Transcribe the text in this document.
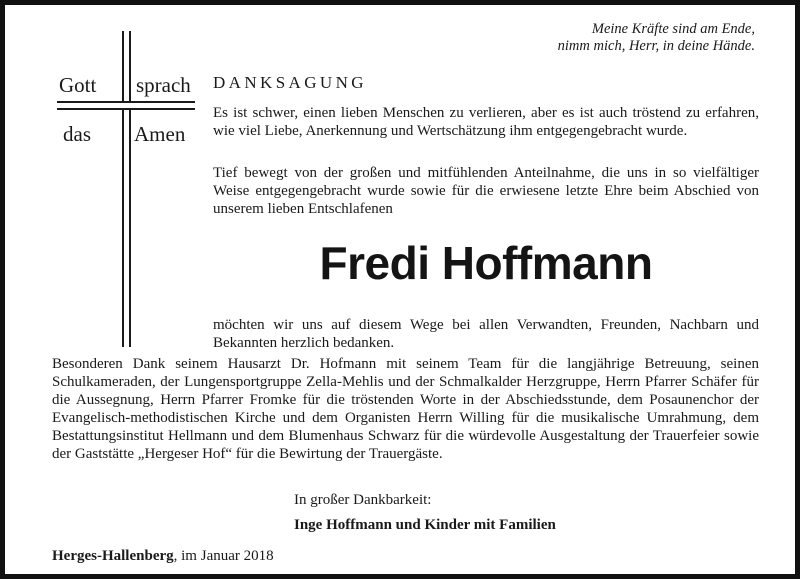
Meine Kräfte sind am Ende,
nimm mich, Herr, in deine Hände.
Gott sprach
das Amen
DANKSAGUNG
Es ist schwer, einen lieben Menschen zu verlieren, aber es ist auch tröstend zu erfahren, wie viel Liebe, Anerkennung und Wertschätzung ihm entgegengebracht wurde.
Tief bewegt von der großen und mitfühlenden Anteilnahme, die uns in so vielfältiger Weise entgegengebracht wurde sowie für die erwiesene letzte Ehre beim Abschied von unserem lieben Entschlafenen
Fredi Hoffmann
möchten wir uns auf diesem Wege bei allen Verwandten, Freunden, Nachbarn und Bekannten herzlich bedanken.
Besonderen Dank seinem Hausarzt Dr. Hofmann mit seinem Team für die langjährige Betreuung, seinen Schulkameraden, der Lungensportgruppe Zella-Mehlis und der Schmalkalder Herzgruppe, Herrn Pfarrer Schäfer für die Aussegnung, Herrn Pfarrer Fromke für die tröstenden Worte in der Abschiedsstunde, dem Posaunenchor der Evangelisch-methodistischen Kirche und dem Organisten Herrn Willing für die musikalische Umrahmung, dem Bestattungsinstitut Hellmann und dem Blumenhaus Schwarz für die würdevolle Ausgestaltung der Trauerfeier sowie der Gaststätte „Hergeser Hof“ für die Bewirtung der Trauergäste.
In großer Dankbarkeit:
Inge Hoffmann und Kinder mit Familien
Herges-Hallenberg, im Januar 2018
